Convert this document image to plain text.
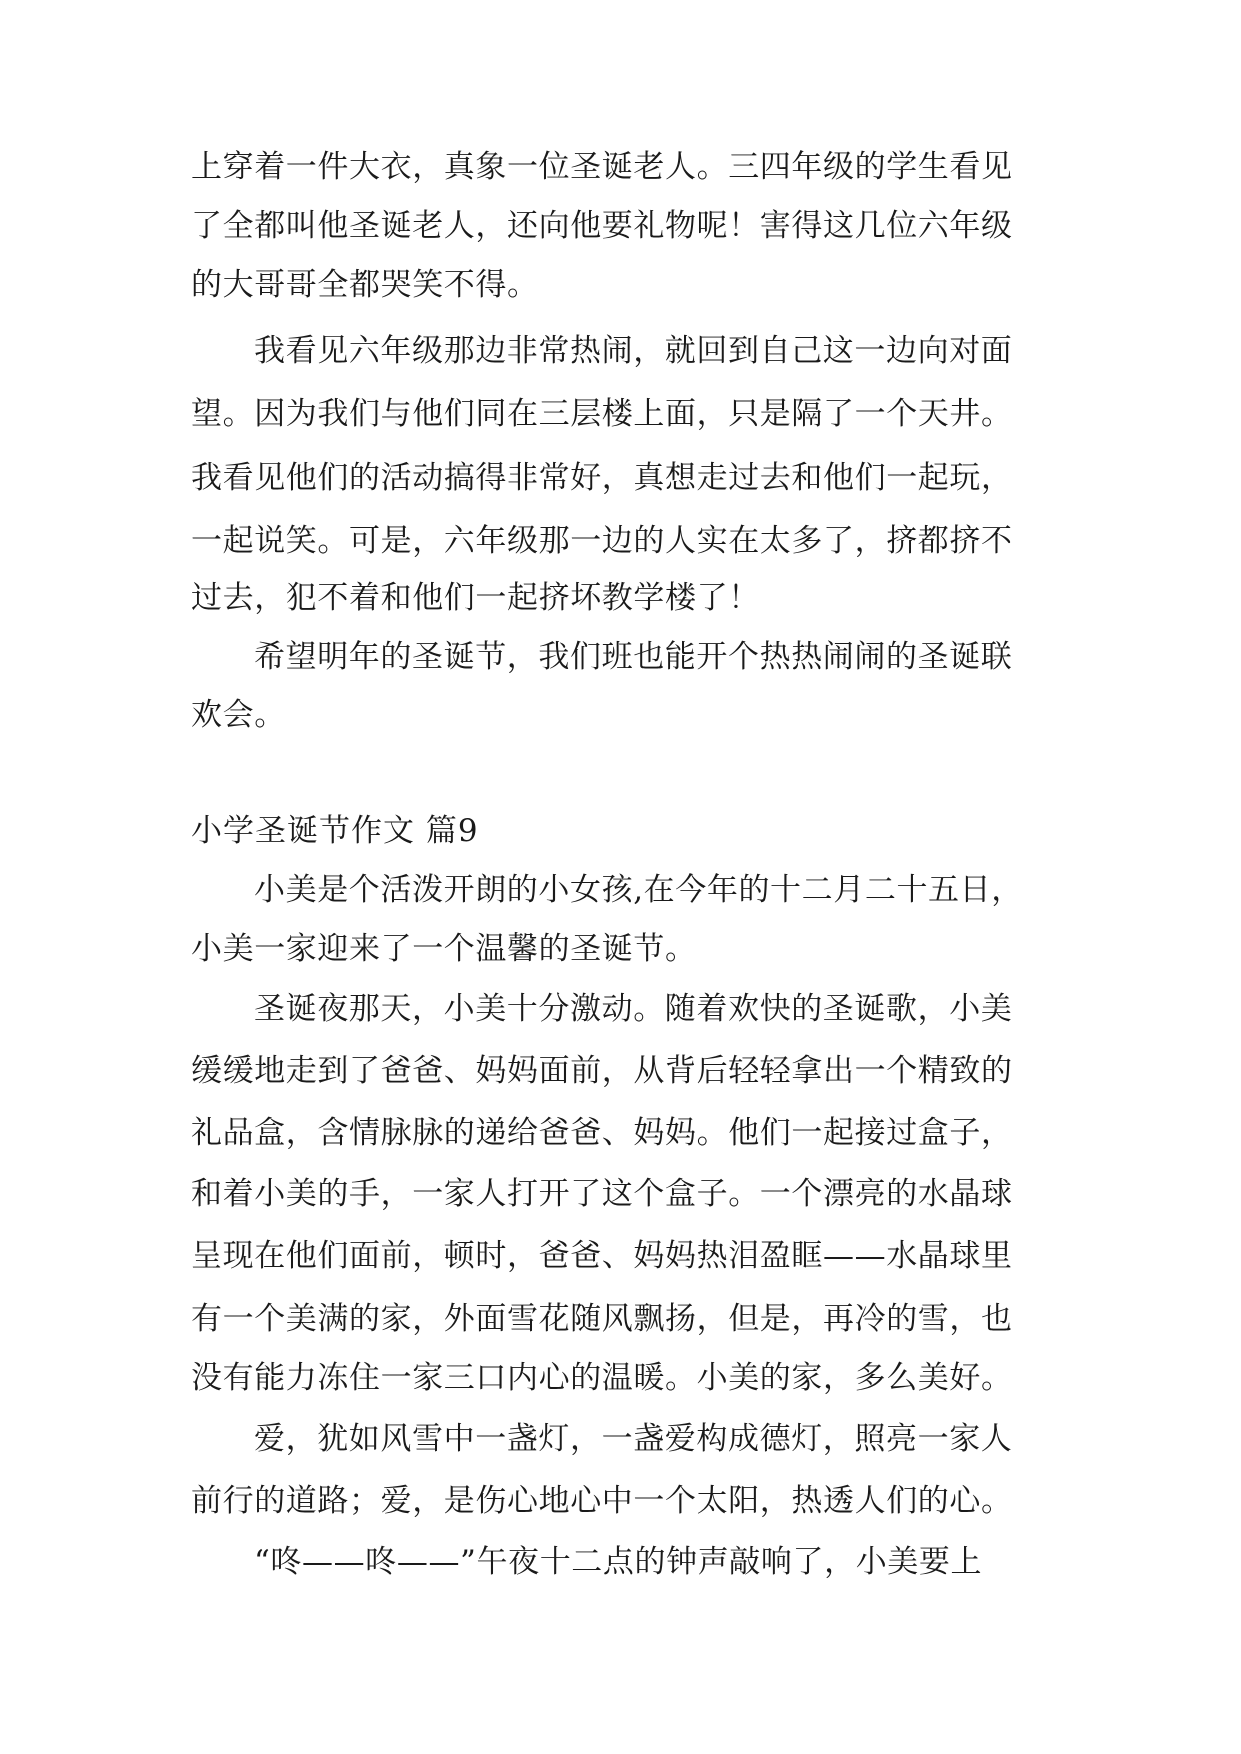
上穿着一件大衣，真象一位圣诞老人。三四年级的学生看见
了全都叫他圣诞老人，还向他要礼物呢！害得这几位六年级
的大哥哥全都哭笑不得。
我看见六年级那边非常热闹，就回到自己这一边向对面
望。因为我们与他们同在三层楼上面，只是隔了一个天井。
我看见他们的活动搞得非常好，真想走过去和他们一起玩，
一起说笑。可是，六年级那一边的人实在太多了，挤都挤不
过去，犯不着和他们一起挤坏教学楼了！
希望明年的圣诞节，我们班也能开个热热闹闹的圣诞联
欢会。
小学圣诞节作文 篇9
小美是个活泼开朗的小女孩,在今年的十二月二十五日，
小美一家迎来了一个温馨的圣诞节。
圣诞夜那天，小美十分激动。随着欢快的圣诞歌，小美
缓缓地走到了爸爸、妈妈面前，从背后轻轻拿出一个精致的
礼品盒，含情脉脉的递给爸爸、妈妈。他们一起接过盒子，
和着小美的手，一家人打开了这个盒子。一个漂亮的水晶球
呈现在他们面前，顿时，爸爸、妈妈热泪盈眶——水晶球里
有一个美满的家，外面雪花随风飘扬，但是，再冷的雪，也
没有能力冻住一家三口内心的温暖。小美的家，多么美好。
爱，犹如风雪中一盏灯，一盏爱构成德灯，照亮一家人
前行的道路；爱，是伤心地心中一个太阳，热透人们的心。
“咚——咚——”午夜十二点的钟声敲响了，小美要上
